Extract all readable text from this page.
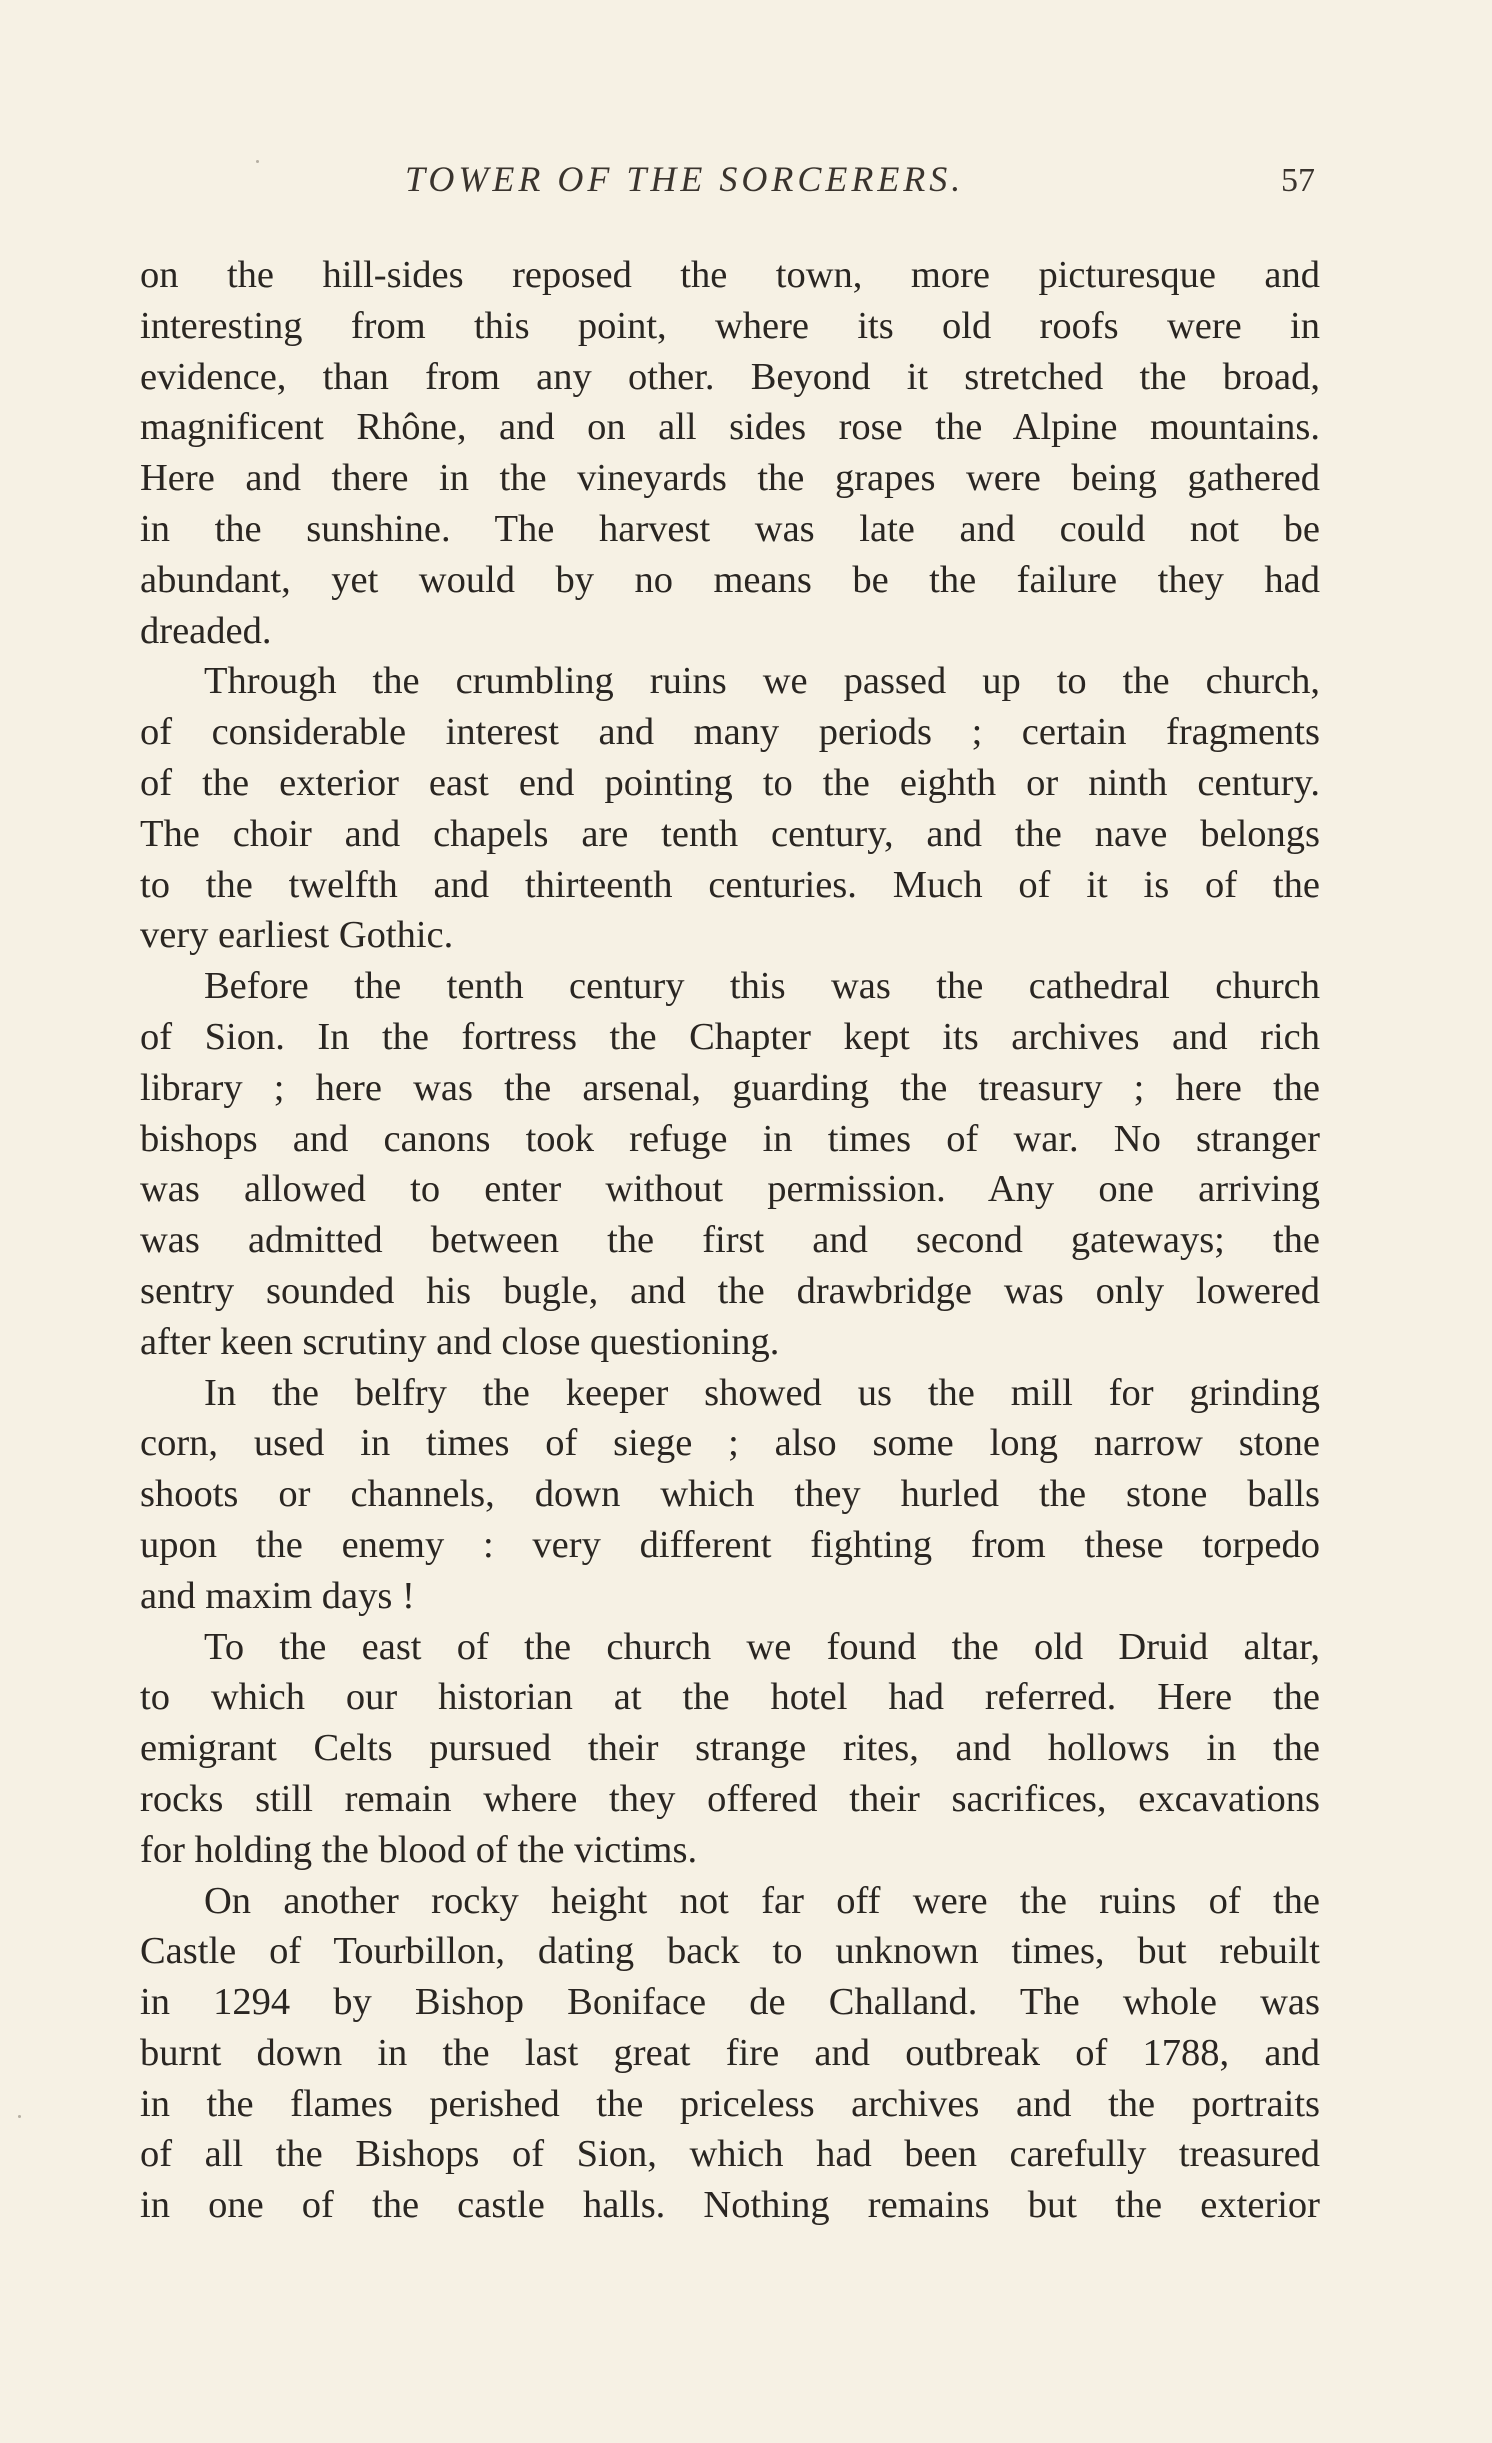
TOWER OF THE SORCERERS.	57
on the hill-sides reposed the town, more picturesque and
interesting from this point, where its old roofs were in
evidence, than from any other. Beyond it stretched the broad,
magnificent Rhône, and on all sides rose the Alpine mountains.
Here and there in the vineyards the grapes were being gathered
in the sunshine. The harvest was late and could not be
abundant, yet would by no means be the failure they had
dreaded.
Through the crumbling ruins we passed up to the church,
of considerable interest and many periods ; certain fragments
of the exterior east end pointing to the eighth or ninth century.
The choir and chapels are tenth century, and the nave belongs
to the twelfth and thirteenth centuries. Much of it is of the
very earliest Gothic.
Before the tenth century this was the cathedral church
of Sion. In the fortress the Chapter kept its archives and rich
library ; here was the arsenal, guarding the treasury ; here the
bishops and canons took refuge in times of war. No stranger
was allowed to enter without permission. Any one arriving
was admitted between the first and second gateways; the
sentry sounded his bugle, and the drawbridge was only lowered
after keen scrutiny and close questioning.
In the belfry the keeper showed us the mill for grinding
corn, used in times of siege ; also some long narrow stone
shoots or channels, down which they hurled the stone balls
upon the enemy : very different fighting from these torpedo
and maxim days !
To the east of the church we found the old Druid altar,
to which our historian at the hotel had referred. Here the
emigrant Celts pursued their strange rites, and hollows in the
rocks still remain where they offered their sacrifices, excavations
for holding the blood of the victims.
On another rocky height not far off were the ruins of the
Castle of Tourbillon, dating back to unknown times, but rebuilt
in 1294 by Bishop Boniface de Challand. The whole was
burnt down in the last great fire and outbreak of 1788, and
in the flames perished the priceless archives and the portraits
of all the Bishops of Sion, which had been carefully treasured
in one of the castle halls. Nothing remains but the exterior
